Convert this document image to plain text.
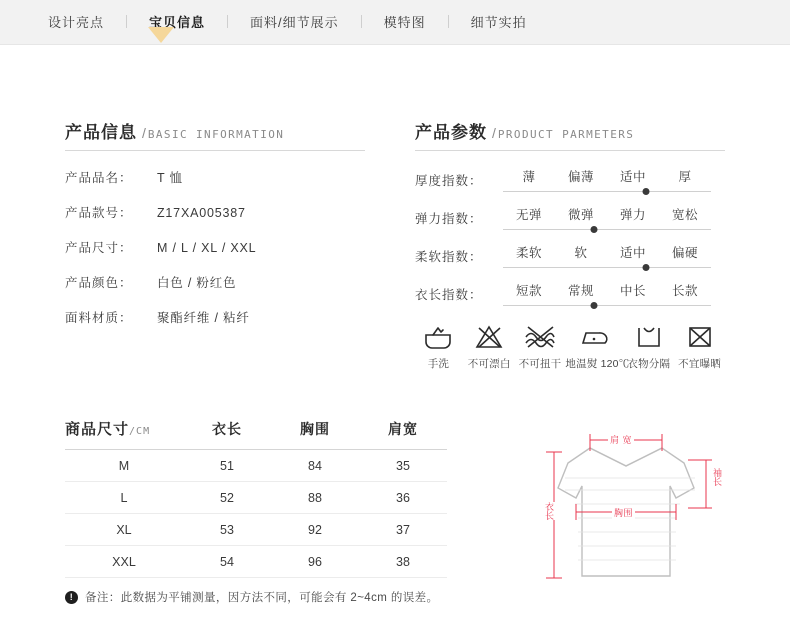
设计亮点	宝贝信息	面料/细节展示	模特图	细节实拍
产品信息 / BASIC INFORMATION
产品品名：	T 恤
产品款号：	Z17XA005387
产品尺寸：	M / L / XL / XXL
产品颜色：	白色 / 粉红色
面料材质：	聚酯纤维 / 粘纤
产品参数 / PRODUCT PARMETERS
厚度指数：	薄	偏薄	适中	厚
弹力指数：	无弹	微弹	弹力	宽松
柔软指数：	柔软	软	适中	偏硬
衣长指数：	短款	常规	中长	长款
手洗	不可漂白 不可扭干 地温熨 120℃
衣物分隔 不宜曝晒
商品尺寸/CM	衣长	胸围	肩宽
M	51	84	35
L	52	88	36
XL	53	92	37
XXL	54	96	38
!	备注：此数据为平铺测量，因方法不同，可能会有 2~4cm 的误差。
肩 宽
袖长
胸围
衣长
